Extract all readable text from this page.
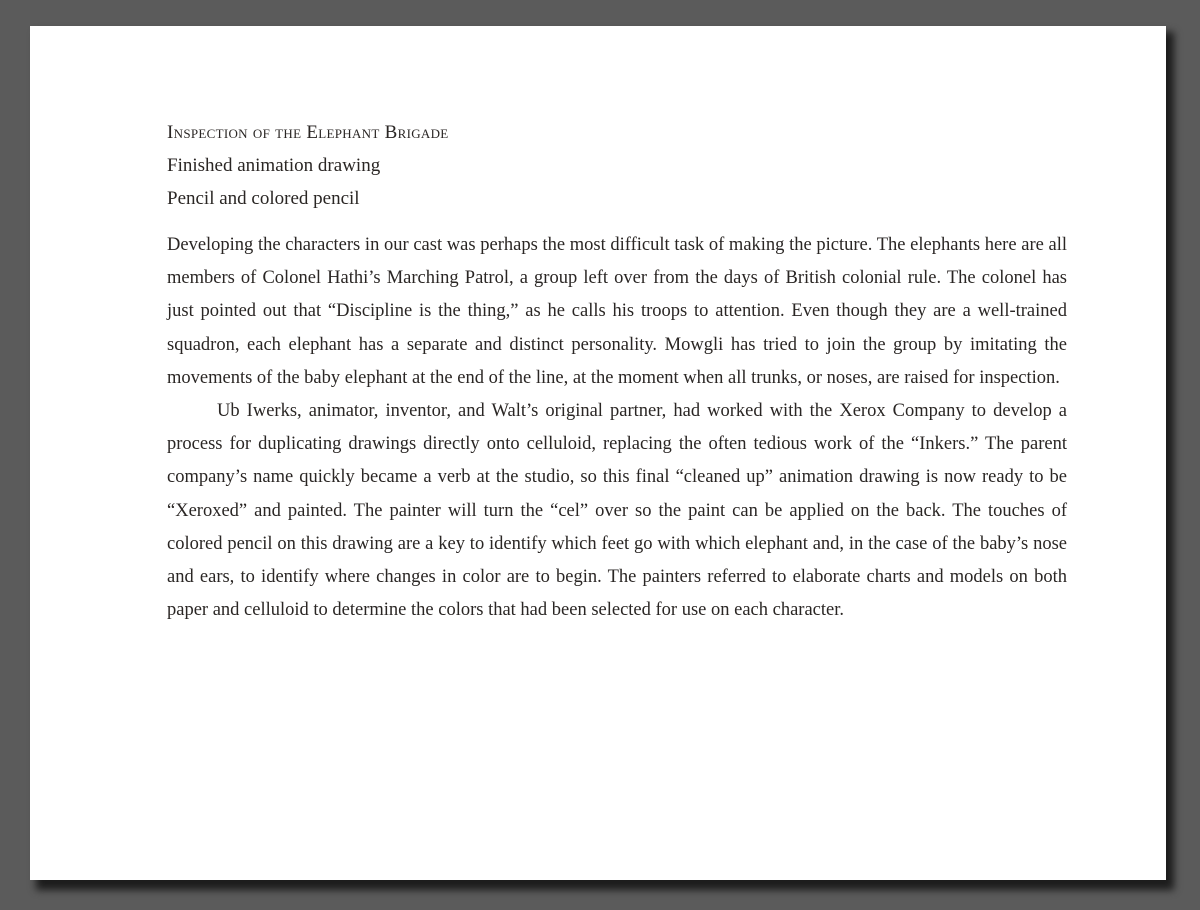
Inspection of the Elephant Brigade

Finished animation drawing

Pencil and colored pencil

Developing the characters in our cast was perhaps the most difficult task of making the picture. The elephants here are all members of Colonel Hathi’s Marching Patrol, a group left over from the days of British colonial rule. The colonel has just pointed out that “Discipline is the thing,” as he calls his troops to attention. Even though they are a well-trained squadron, each elephant has a separate and distinct personality. Mowgli has tried to join the group by imitating the movements of the baby elephant at the end of the line, at the moment when all trunks, or noses, are raised for inspection.

Ub Iwerks, animator, inventor, and Walt’s original partner, had worked with the Xerox Company to develop a process for duplicating drawings directly onto celluloid, replacing the often tedious work of the “Inkers.” The parent company’s name quickly became a verb at the studio, so this final “cleaned up” animation drawing is now ready to be “Xeroxed” and painted. The painter will turn the “cel” over so the paint can be applied on the back. The touches of colored pencil on this drawing are a key to identify which feet go with which elephant and, in the case of the baby’s nose and ears, to identify where changes in color are to begin. The painters referred to elaborate charts and models on both paper and celluloid to determine the colors that had been selected for use on each character.
